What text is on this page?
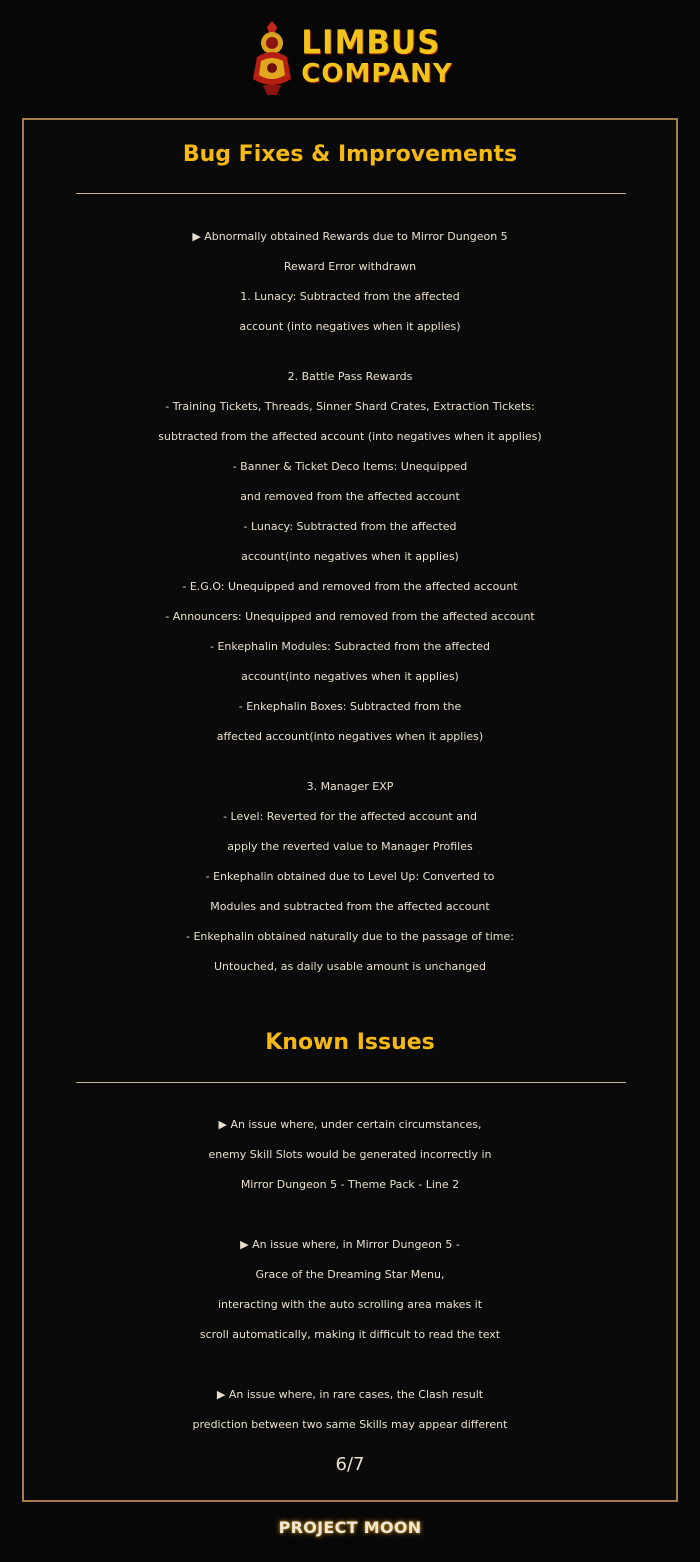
LIMBUS
COMPANY
Bug Fixes & Improvements
▶ Abnormally obtained Rewards due to Mirror Dungeon 5
Reward Error withdrawn
1. Lunacy: Subtracted from the affected
account (into negatives when it applies)
2. Battle Pass Rewards
- Training Tickets, Threads, Sinner Shard Crates, Extraction Tickets:
subtracted from the affected account (into negatives when it applies)
- Banner & Ticket Deco Items: Unequipped
and removed from the affected account
- Lunacy: Subtracted from the affected
account(into negatives when it applies)
- E.G.O: Unequipped and removed from the affected account
- Announcers: Unequipped and removed from the affected account
- Enkephalin Modules: Subracted from the affected
account(into negatives when it applies)
- Enkephalin Boxes: Subtracted from the
affected account(into negatives when it applies)
3. Manager EXP
- Level: Reverted for the affected account and
apply the reverted value to Manager Profiles
- Enkephalin obtained due to Level Up: Converted to
Modules and subtracted from the affected account
- Enkephalin obtained naturally due to the passage of time:
Untouched, as daily usable amount is unchanged
Known Issues
▶ An issue where, under certain circumstances,
enemy Skill Slots would be generated incorrectly in
Mirror Dungeon 5 - Theme Pack - Line 2
▶ An issue where, in Mirror Dungeon 5 -
Grace of the Dreaming Star Menu,
interacting with the auto scrolling area makes it
scroll automatically, making it difficult to read the text
▶ An issue where, in rare cases, the Clash result
prediction between two same Skills may appear different
6/7
PROJECT MOON
